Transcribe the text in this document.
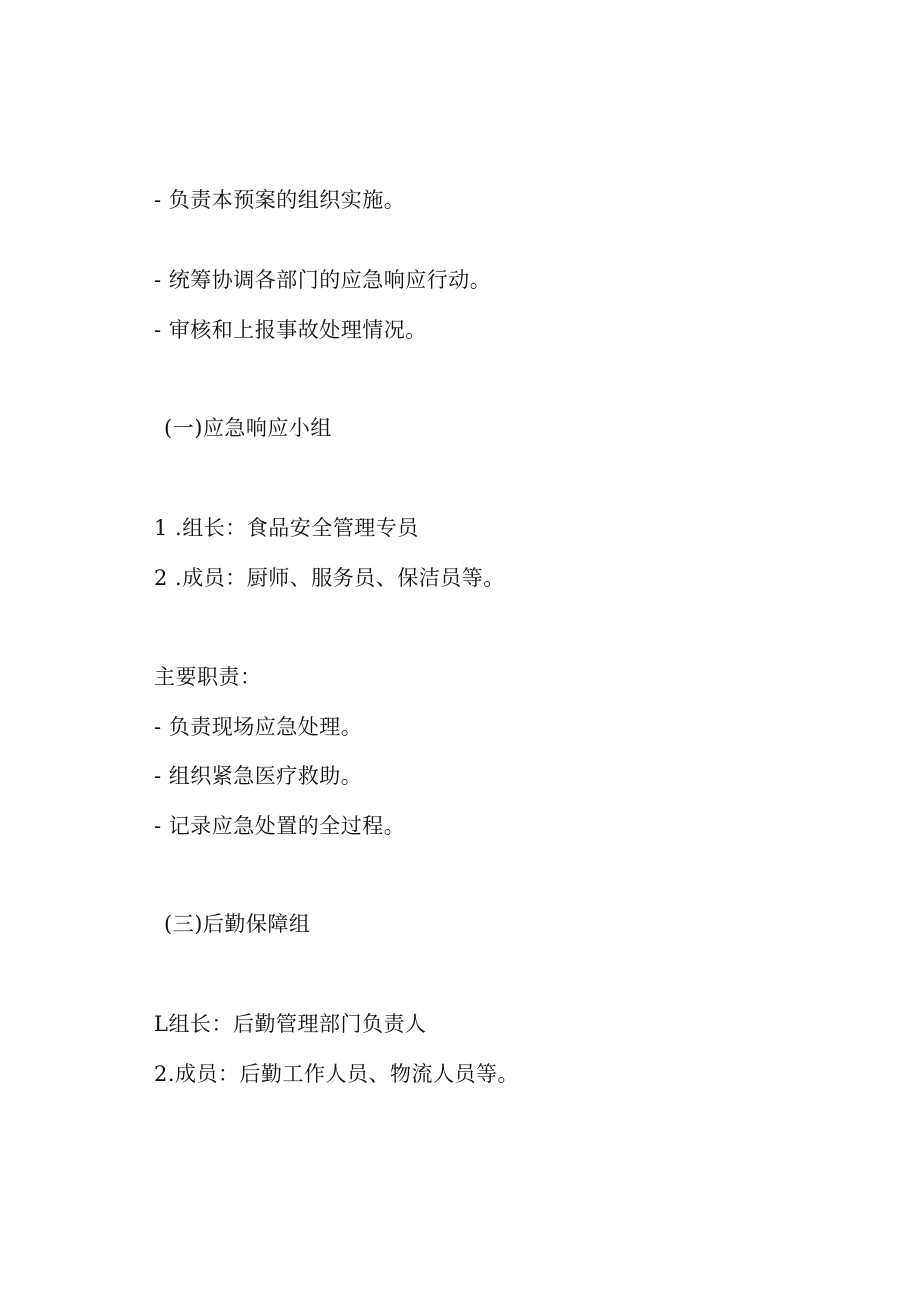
- 负责本预案的组织实施。
- 统筹协调各部门的应急响应行动。
- 审核和上报事故处理情况。
(一)应急响应小组
1 .组长：食品安全管理专员
2 .成员：厨师、服务员、保洁员等。
主要职责：
- 负责现场应急处理。
- 组织紧急医疗救助。
- 记录应急处置的全过程。
(三)后勤保障组
L组长：后勤管理部门负责人
2.成员：后勤工作人员、物流人员等。
